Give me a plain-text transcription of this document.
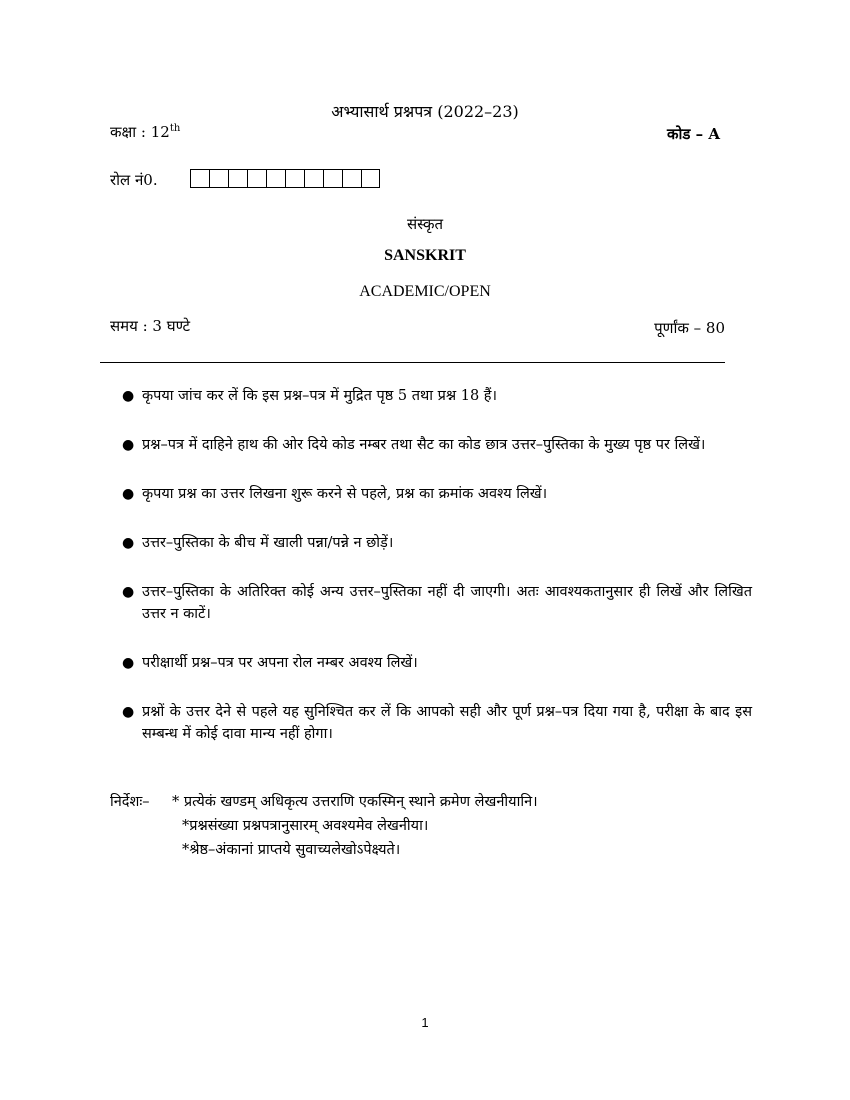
अभ्यासार्थ प्रश्नपत्र (2022–23)
कक्षा : 12th	कोड – A
रोल नं0.
संस्कृत
SANSKRIT
ACADEMIC/OPEN
समय : 3 घण्टे	पूर्णांक – 80
● कृपया जांच कर लें कि इस प्रश्न–पत्र में मुद्रित पृष्ठ 5 तथा प्रश्न 18 हैं।
● प्रश्न–पत्र में दाहिने हाथ की ओर दिये कोड नम्बर तथा सैट का कोड छात्र उत्तर–पुस्तिका के मुख्य पृष्ठ पर लिखें।
● कृपया प्रश्न का उत्तर लिखना शुरू करने से पहले, प्रश्न का क्रमांक अवश्य लिखें।
● उत्तर–पुस्तिका के बीच में खाली पन्ना/पन्ने न छोड़ें।
● उत्तर–पुस्तिका के अतिरिक्त कोई अन्य उत्तर–पुस्तिका नहीं दी जाएगी। अतः आवश्यकतानुसार ही लिखें और लिखित उत्तर न काटें।
● परीक्षार्थी प्रश्न–पत्र पर अपना रोल नम्बर अवश्य लिखें।
● प्रश्नों के उत्तर देने से पहले यह सुनिश्चित कर लें कि आपको सही और पूर्ण प्रश्न–पत्र दिया गया है, परीक्षा के बाद इस सम्बन्ध में कोई दावा मान्य नहीं होगा।
निर्देशः– * प्रत्येकं खण्डम् अधिकृत्य उत्तराणि एकस्मिन् स्थाने क्रमेण लेखनीयानि।
*प्रश्नसंख्या प्रश्नपत्रानुसारम् अवश्यमेव लेखनीया।
*श्रेष्ठ–अंकानां प्राप्तये सुवाच्यलेखोऽपेक्ष्यते।
1
